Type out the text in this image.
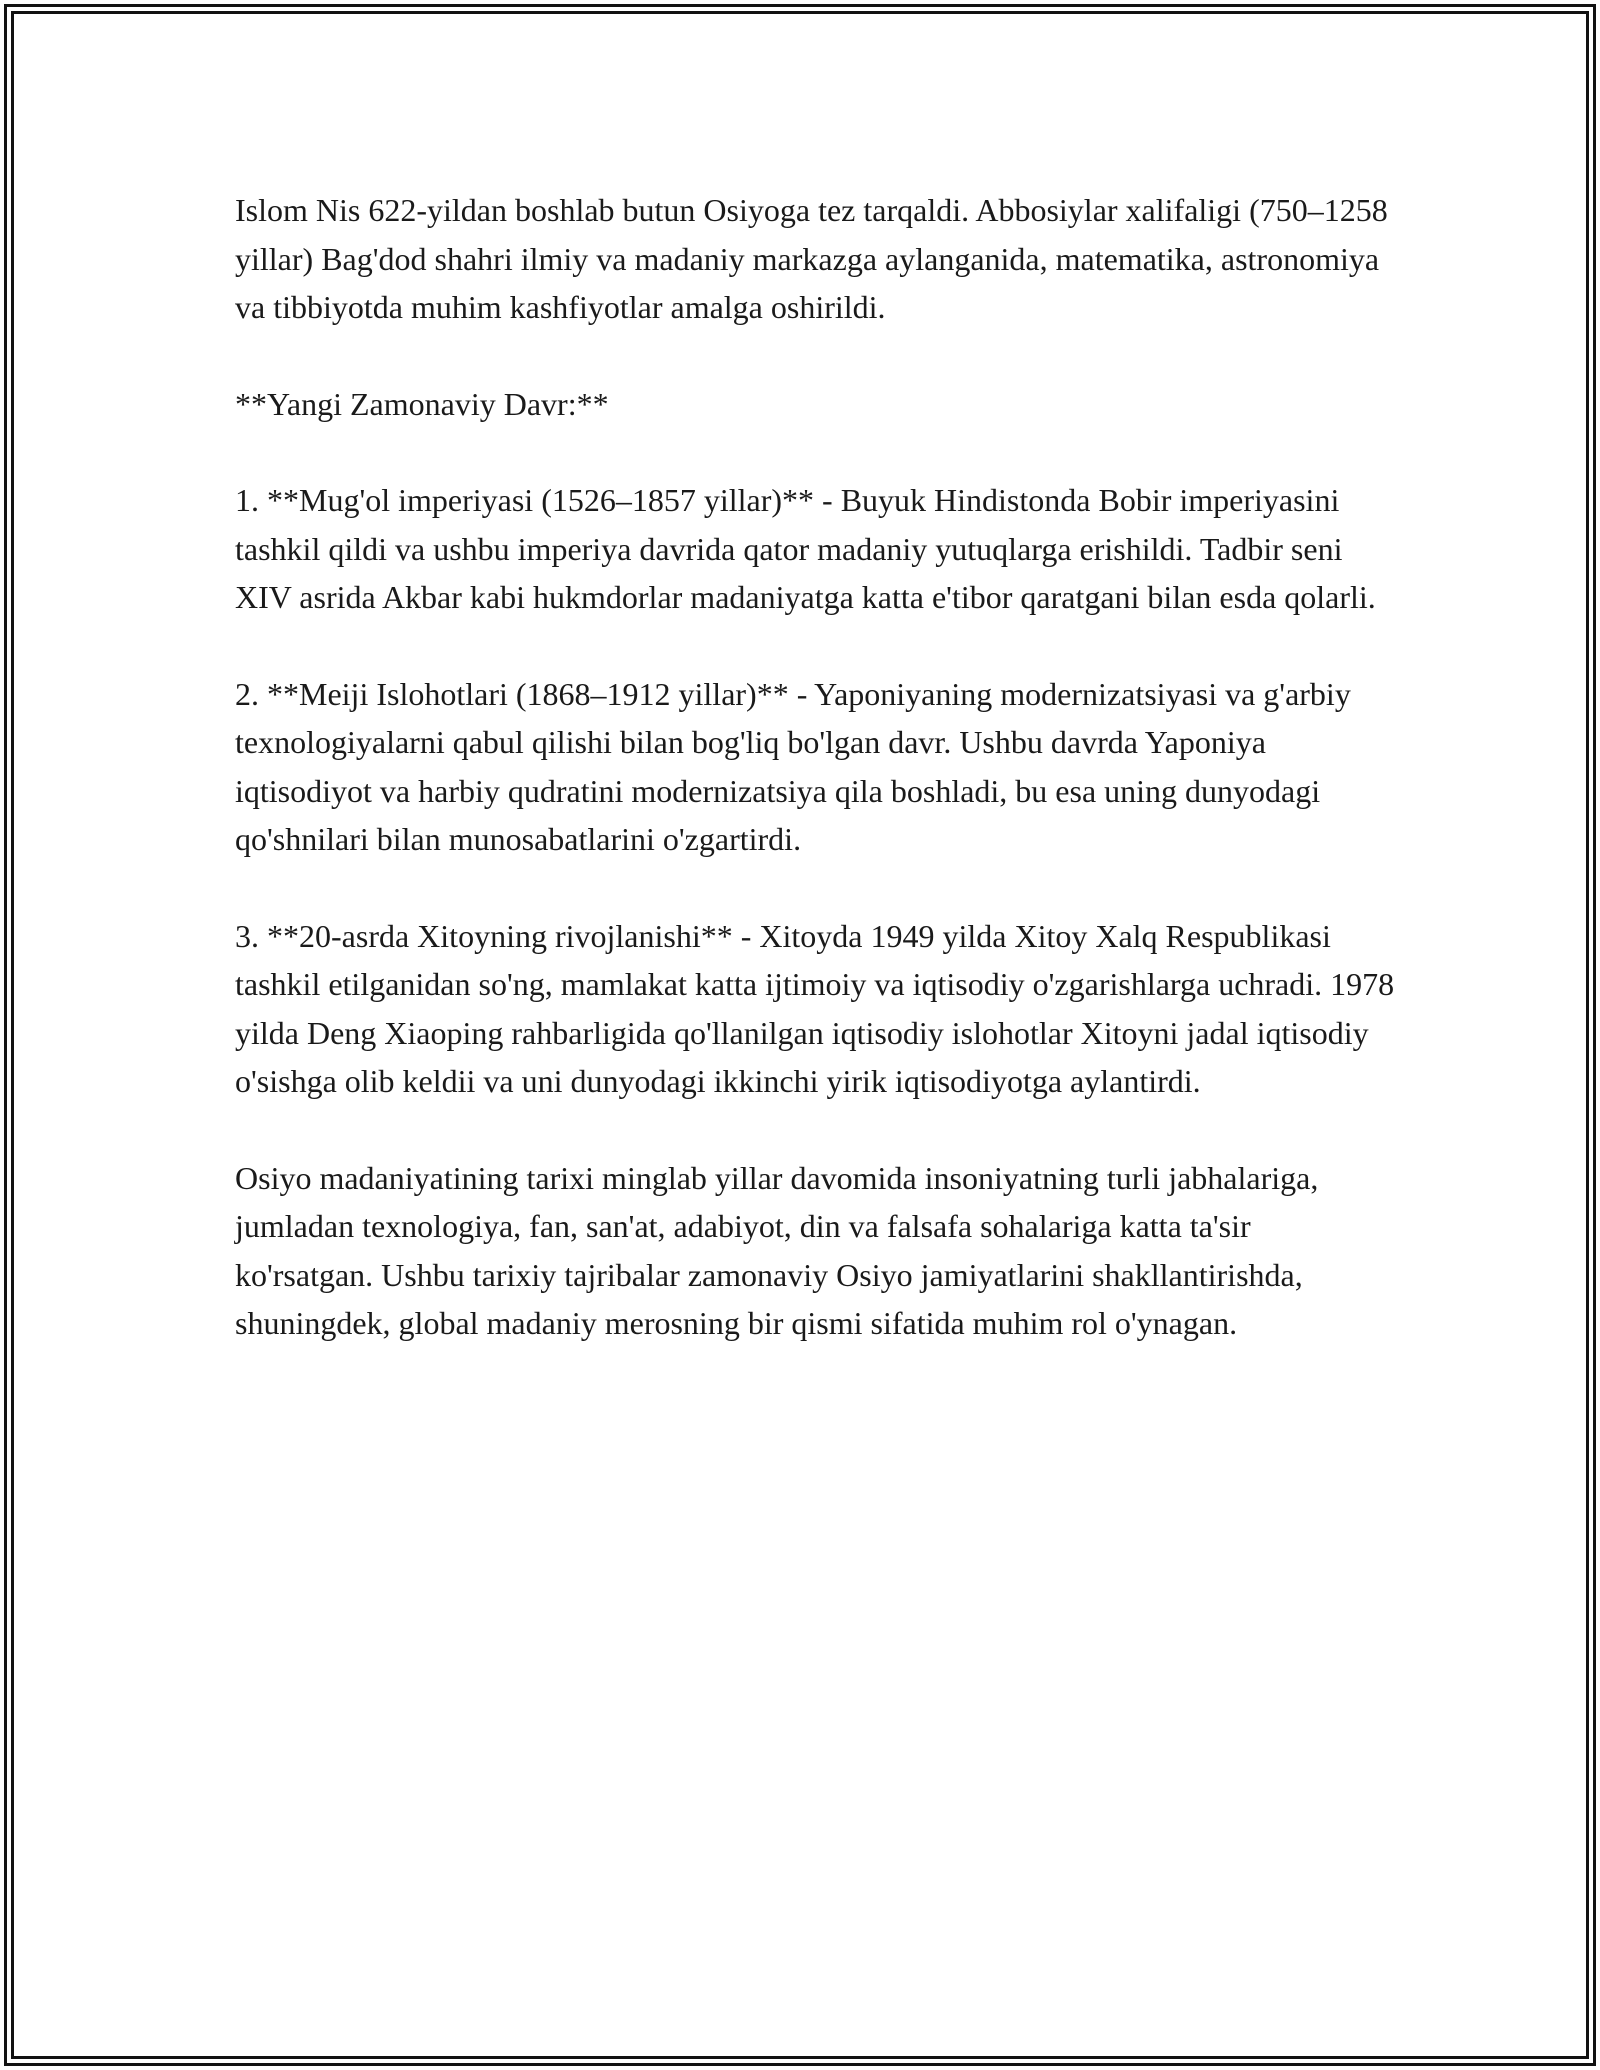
Islom Nis 622-yildan boshlab butun Osiyoga tez tarqaldi. Abbosiylar xalifaligi (750–1258 yillar) Bag'dod shahri ilmiy va madaniy markazga aylanganida, matematika, astronomiya va tibbiyotda muhim kashfiyotlar amalga oshirildi.

**Yangi Zamonaviy Davr:**

1. **Mug'ol imperiyasi (1526–1857 yillar)** - Buyuk Hindistonda Bobir imperiyasini tashkil qildi va ushbu imperiya davrida qator madaniy yutuqlarga erishildi. Tadbir seni XIV asrida Akbar kabi hukmdorlar madaniyatga katta e'tibor qaratgani bilan esda qolarli.

2. **Meiji Islohotlari (1868–1912 yillar)** - Yaponiyaning modernizatsiyasi va g'arbiy texnologiyalarni qabul qilishi bilan bog'liq bo'lgan davr. Ushbu davrda Yaponiya iqtisodiyot va harbiy qudratini modernizatsiya qila boshladi, bu esa uning dunyodagi qo'shnilari bilan munosabatlarini o'zgartirdi.

3. **20-asrda Xitoyning rivojlanishi** - Xitoyda 1949 yilda Xitoy Xalq Respublikasi tashkil etilganidan so'ng, mamlakat katta ijtimoiy va iqtisodiy o'zgarishlarga uchradi. 1978 yilda Deng Xiaoping rahbarligida qo'llanilgan iqtisodiy islohotlar Xitoyni jadal iqtisodiy o'sishga olib keldii va uni dunyodagi ikkinchi yirik iqtisodiyotga aylantirdi.

Osiyo madaniyatining tarixi minglab yillar davomida insoniyatning turli jabhalariga, jumladan texnologiya, fan, san'at, adabiyot, din va falsafa sohalariga katta ta'sir ko'rsatgan. Ushbu tarixiy tajribalar zamonaviy Osiyo jamiyatlarini shakllantirishda, shuningdek, global madaniy merosning bir qismi sifatida muhim rol o'ynagan.
